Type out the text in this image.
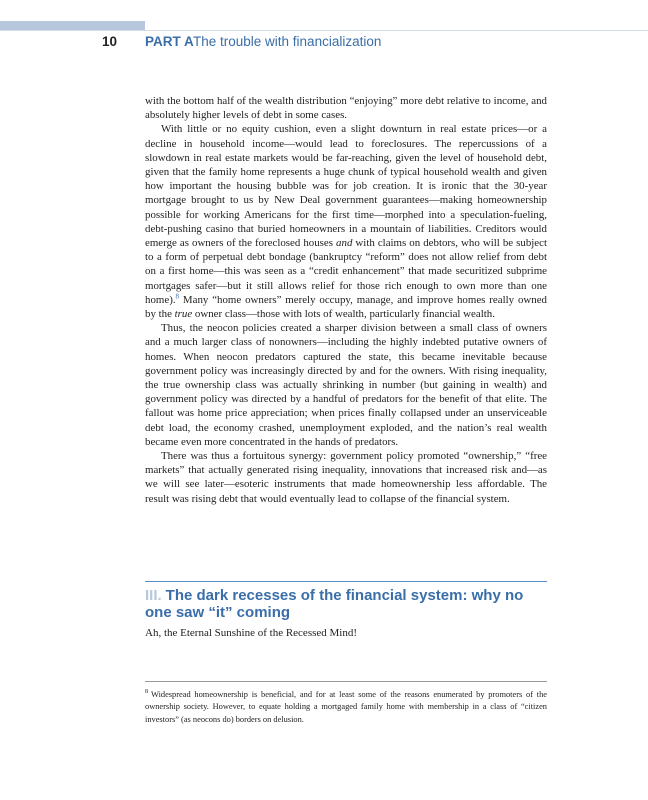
10 PART A The trouble with financialization

with the bottom half of the wealth distribution “enjoying” more debt relative to income, and absolutely higher levels of debt in some cases.

With little or no equity cushion, even a slight downturn in real estate prices—or a decline in household income—would lead to foreclosures. The repercussions of a slowdown in real estate markets would be far-reaching, given the level of household debt, given that the family home represents a huge chunk of typical household wealth and given how important the housing bubble was for job creation. It is ironic that the 30-year mortgage brought to us by New Deal government guarantees—making homeownership possible for working Americans for the first time—morphed into a speculation-fueling, debt-pushing casino that buried homeowners in a mountain of liabilities. Creditors would emerge as owners of the foreclosed houses and with claims on debtors, who will be subject to a form of perpetual debt bondage (bankruptcy “reform” does not allow relief from debt on a first home—this was seen as a “credit enhancement” that made securitized subprime mortgages safer—but it still allows relief for those rich enough to own more than one home).$^8$ Many “home owners” merely occupy, manage, and improve homes really owned by the true owner class—those with lots of wealth, particularly financial wealth.

Thus, the neocon policies created a sharper division between a small class of owners and a much larger class of nonowners—including the highly indebted putative owners of homes. When neocon predators captured the state, this became inevitable because government policy was increasingly directed by and for the owners. With rising inequality, the true ownership class was actually shrinking in number (but gaining in wealth) and government policy was directed by a handful of predators for the benefit of that elite. The fallout was home price appreciation; when prices finally collapsed under an unserviceable debt load, the economy crashed, unemployment exploded, and the nation’s real wealth became even more concentrated in the hands of predators.

There was thus a fortuitous synergy: government policy promoted “ownership,” “free markets” that actually generated rising inequality, innovations that increased risk and—as we will see later—esoteric instruments that made homeownership less affordable. The result was rising debt that would eventually lead to collapse of the financial system.

III. The dark recesses of the financial system: why no one saw “it” coming
Ah, the Eternal Sunshine of the Recessed Mind!
$^8$ Widespread homeownership is beneficial, and for at least some of the reasons enumerated by promoters of the ownership society. However, to equate holding a mortgaged family home with membership in a class of “citizen investors” (as neocons do) borders on delusion.
